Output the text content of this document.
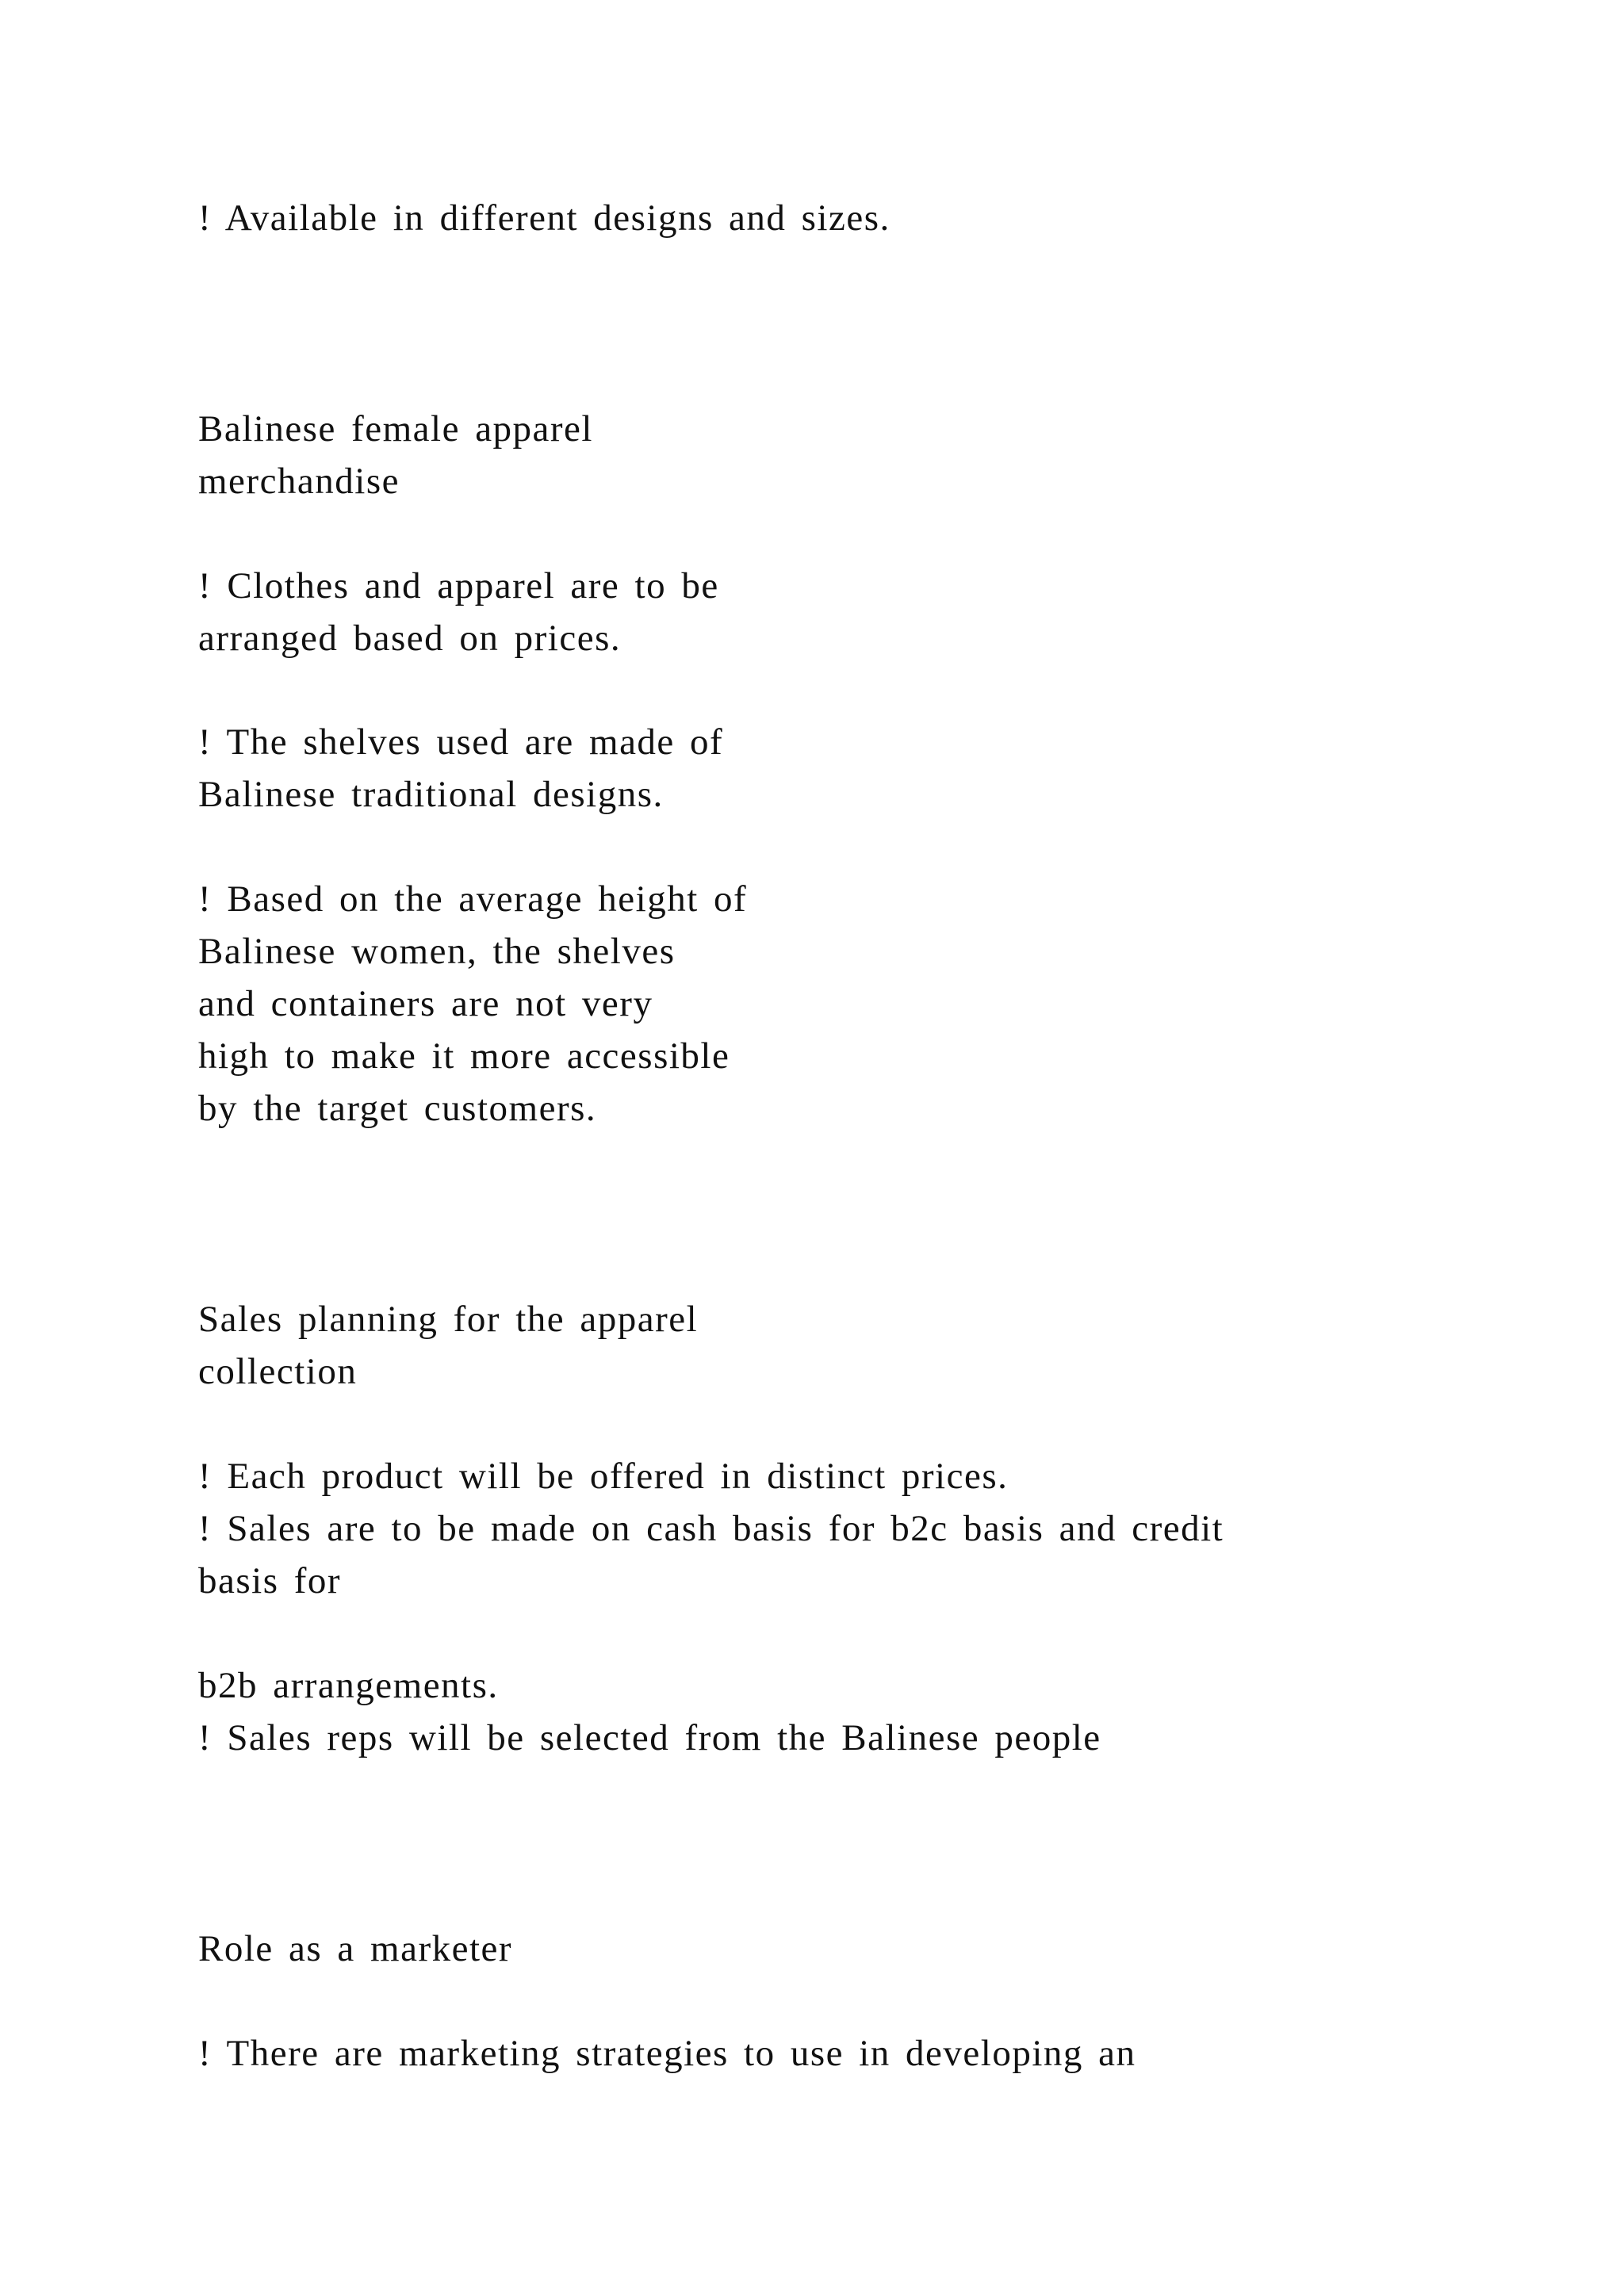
! Available in different designs and sizes.
Balinese female apparel
merchandise
! Clothes and apparel are to be
arranged based on prices.
! The shelves used are made of
Balinese traditional designs.
! Based on the average height of
Balinese women, the shelves
and containers are not very
high to make it more accessible
by the target customers.
Sales planning for the apparel
collection
! Each product will be offered in distinct prices.
! Sales are to be made on cash basis for b2c basis and credit
basis for
b2b arrangements.
! Sales reps will be selected from the Balinese people
Role as a marketer
! There are marketing strategies to use in developing an
